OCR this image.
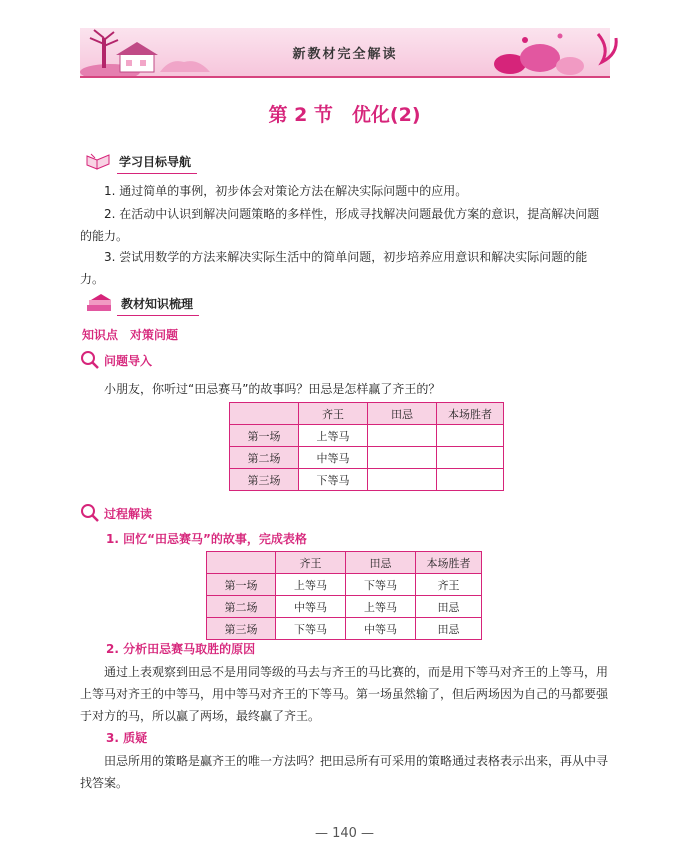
新教材完全解读
第 2 节　优化(2)
学习目标导航

1. 通过简单的事例，初步体会对策论方法在解决实际问题中的应用。

2. 在活动中认识到解决问题策略的多样性，形成寻找解决问题最优方案的意识，提高解决问题的能力。

3. 尝试用数学的方法来解决实际生活中的简单问题，初步培养应用意识和解决实际问题的能力。

教材知识梳理
知识点　对策问题
问题导入

小朋友，你听过“田忌赛马”的故事吗？田忌是怎样赢了齐王的？

	齐王	田忌	本场胜者
第一场	上等马		
第二场	中等马		
第三场	下等马		
过程解读
1. 回忆“田忌赛马”的故事，完成表格
	齐王	田忌	本场胜者
第一场	上等马	下等马	齐王
第二场	中等马	上等马	田忌
第三场	下等马	中等马	田忌
2. 分析田忌赛马取胜的原因

通过上表观察到田忌不是用同等级的马去与齐王的马比赛的，而是用下等马对齐王的上等马，用上等马对齐王的中等马，用中等马对齐王的下等马。第一场虽然输了，但后两场因为自己的马都要强于对方的马，所以赢了两场，最终赢了齐王。

3. 质疑

田忌所用的策略是赢齐王的唯一方法吗？把田忌所有可采用的策略通过表格表示出来，再从中寻找答案。

— 140 —
